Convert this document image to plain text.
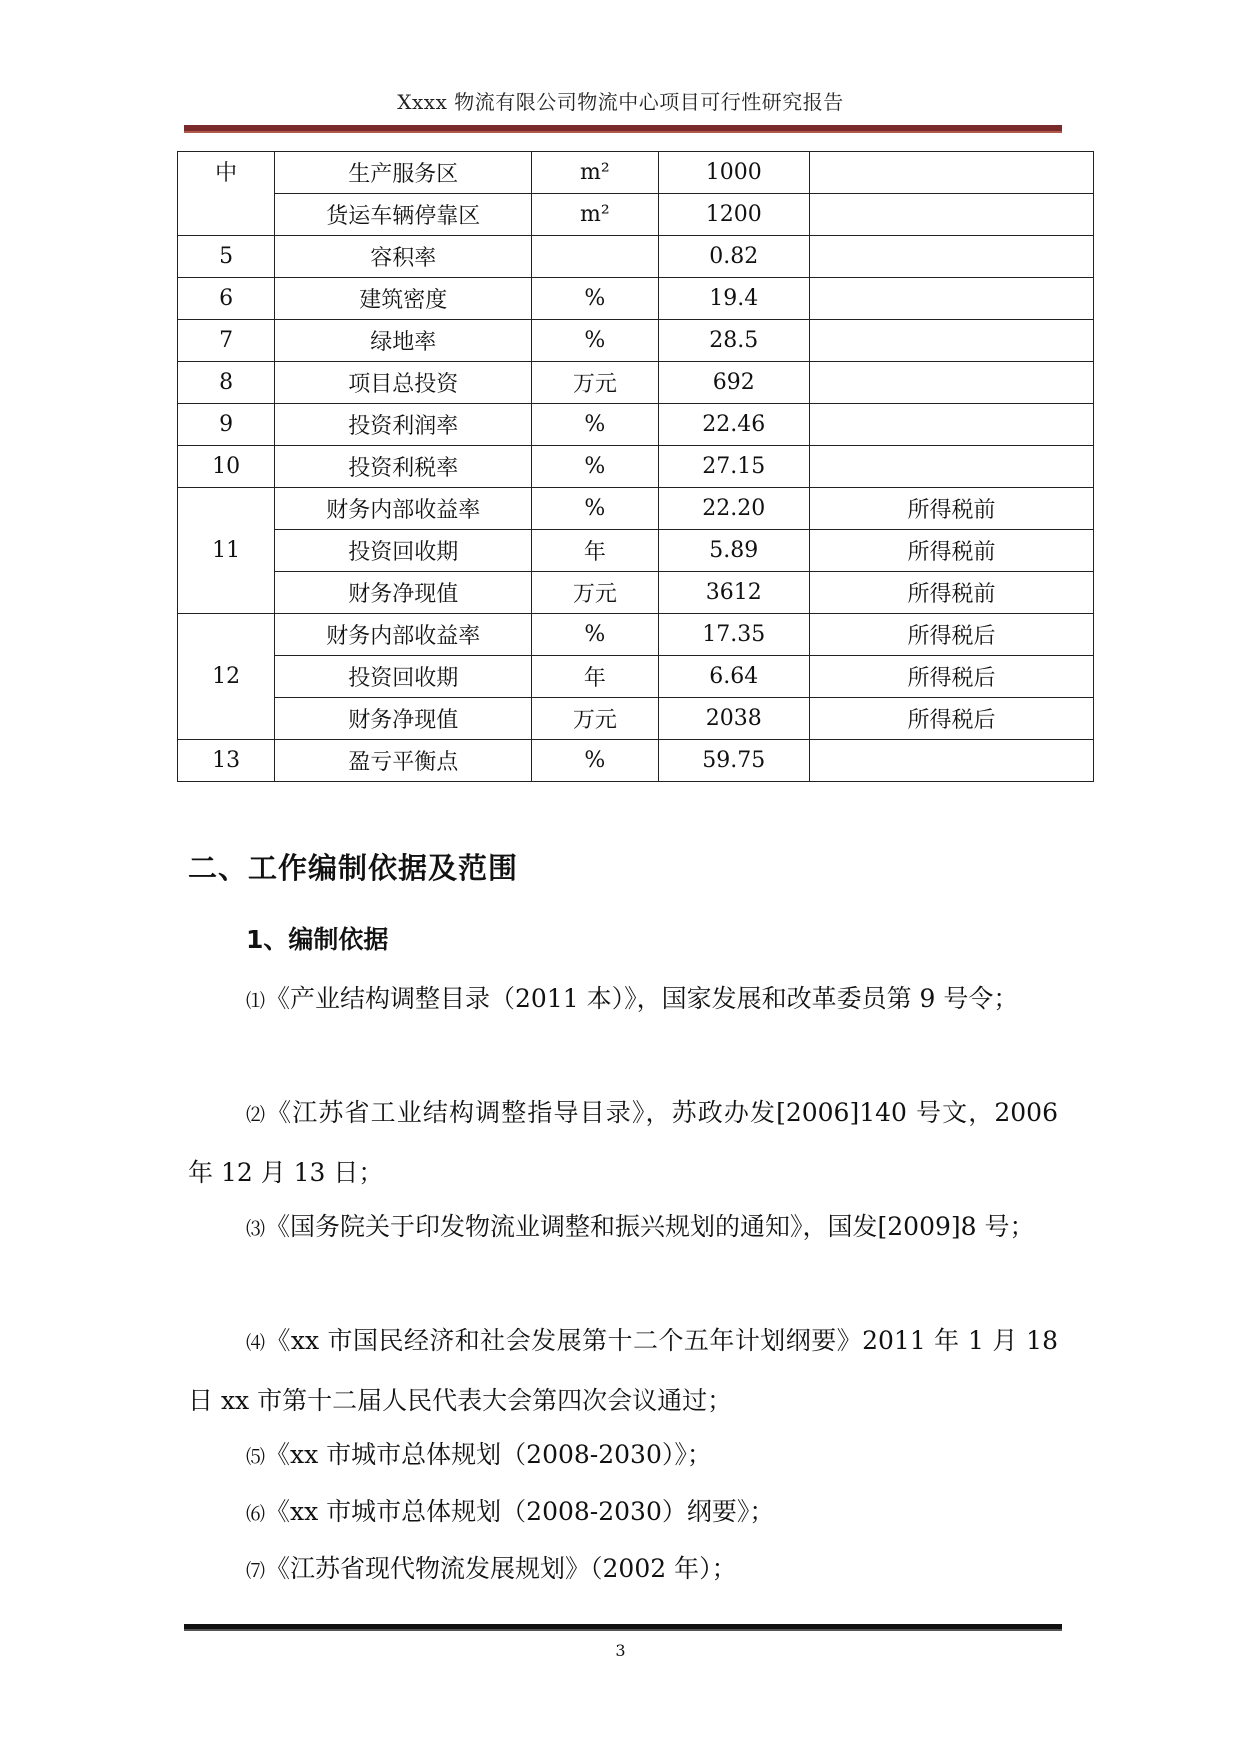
Xxxx 物流有限公司物流中心项目可行性研究报告
中	生产服务区	m²	1000	
	货运车辆停靠区	m²	1200	
5	容积率		0.82	
6	建筑密度	%	19.4	
7	绿地率	%	28.5	
8	项目总投资	万元	692	
9	投资利润率	%	22.46	
10	投资利税率	%	27.15	
11	财务内部收益率	%	22.20	所得税前
	投资回收期	年	5.89	所得税前
	财务净现值	万元	3612	所得税前
12	财务内部收益率	%	17.35	所得税后
	投资回收期	年	6.64	所得税后
	财务净现值	万元	2038	所得税后
13	盈亏平衡点	%	59.75	
二、工作编制依据及范围
1、编制依据

⑴《产业结构调整目录（2011 本）》，国家发展和改革委员第 9 号令；

⑵《江苏省工业结构调整指导目录》，苏政办发[2006]140 号文，2006 年 12 月 13 日；

⑶《国务院关于印发物流业调整和振兴规划的通知》，国发[2009]8 号；

⑷《xx 市国民经济和社会发展第十二个五年计划纲要》2011 年 1 月 18 日 xx 市第十二届人民代表大会第四次会议通过；

⑸《xx 市城市总体规划（2008-2030）》；

⑹《xx 市城市总体规划（2008-2030）纲要》；

⑺《江苏省现代物流发展规划》（2002 年）；

3
